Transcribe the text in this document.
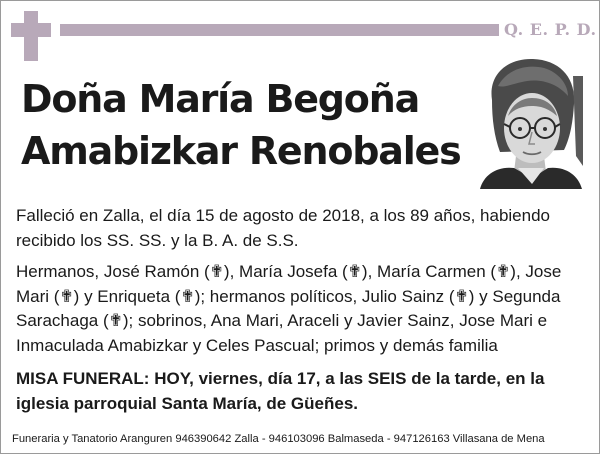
Q. E. P. D.
Doña María Begoña
Amabizkar Renobales
Falleció en Zalla, el día 15 de agosto de 2018, a los 89 años, habiendo recibido los SS. SS. y la B. A. de S.S.
Hermanos, José Ramón (✟), María Josefa (✟), María Carmen (✟), Jose Mari (✟) y Enriqueta (✟); hermanos políticos, Julio Sainz (✟) y Segunda Sarachaga (✟); sobrinos, Ana Mari, Araceli y Javier Sainz, Jose Mari e Inmaculada Amabizkar y Celes Pascual; primos y demás familia
MISA FUNERAL: HOY, viernes, día 17, a las SEIS de la tarde, en la iglesia parroquial Santa María, de Güeñes.
Funeraria y Tanatorio Aranguren 946390642 Zalla - 946103096 Balmaseda - 947126163 Villasana de Mena
